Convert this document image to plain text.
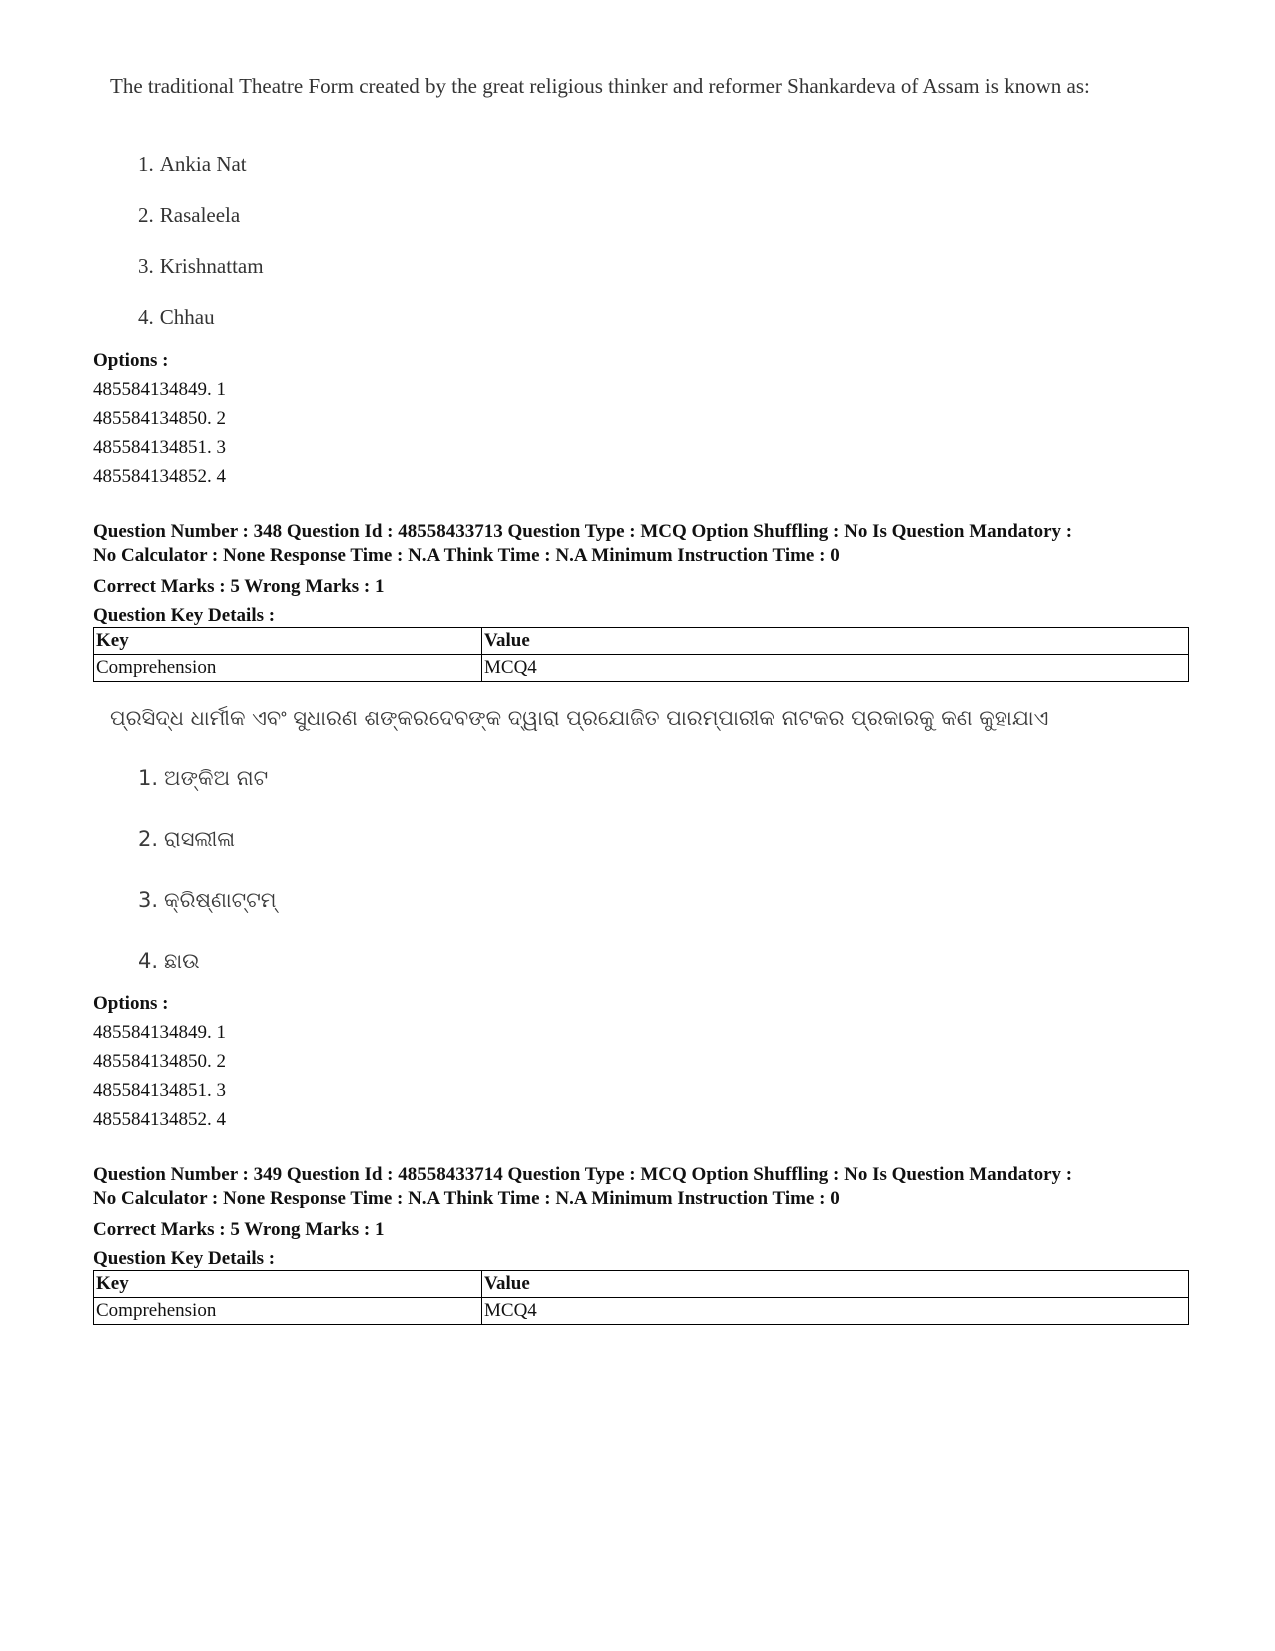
The traditional Theatre Form created by the great religious thinker and reformer Shankardeva of Assam is known as:

1. Ankia Nat
2. Rasaleela
3. Krishnattam
4. Chhau
Options :
485584134849. 1
485584134850. 2
485584134851. 3
485584134852. 4
Question Number : 348 Question Id : 48558433713 Question Type : MCQ Option Shuffling : No Is Question Mandatory :
No Calculator : None Response Time : N.A Think Time : N.A Minimum Instruction Time : 0
Correct Marks : 5 Wrong Marks : 1
Question Key Details :
Key	Value
Comprehension	MCQ4

ପ୍ରସିଦ୍ଧ ଧାର୍ମୀକ ଏବଂ ସୁଧାରଣ ଶଙ୍କରଦେବଙ୍କ ଦ୍ୱାରା ପ୍ରଯୋଜିତ ପାରମ୍ପାରୀକ ନାଟକର ପ୍ରକାରକୁ କଣ କୁହାଯାଏ

1. ଅଙ୍କିଅ ନାଟ
2. ରାସଲୀଳା
3. କ୍ରିଷ୍ଣାଟ୍ଟମ୍
4. ଛାଉ
Options :
485584134849. 1
485584134850. 2
485584134851. 3
485584134852. 4
Question Number : 349 Question Id : 48558433714 Question Type : MCQ Option Shuffling : No Is Question Mandatory :
No Calculator : None Response Time : N.A Think Time : N.A Minimum Instruction Time : 0
Correct Marks : 5 Wrong Marks : 1
Question Key Details :
Key	Value
Comprehension	MCQ4
